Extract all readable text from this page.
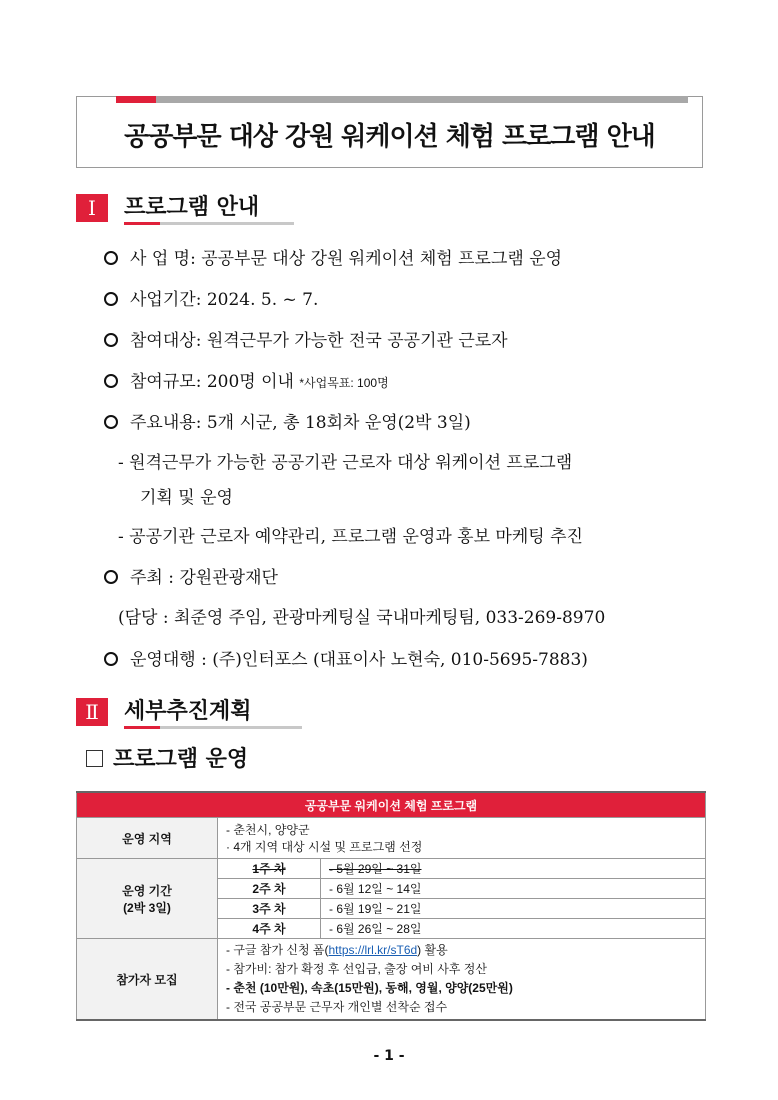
공공부문 대상 강원 워케이션 체험 프로그램 안내
Ⅰ	프로그램 안내
사 업 명: 공공부문 대상 강원 워케이션 체험 프로그램 운영
사업기간: 2024. 5. ~ 7.
참여대상: 원격근무가 가능한 전국 공공기관 근로자
참여규모: 200명 이내 *사업목표: 100명
주요내용: 5개 시군, 총 18회차 운영(2박 3일)
- 원격근무가 가능한 공공기관 근로자 대상 워케이션 프로그램
기획 및 운영
- 공공기관 근로자 예약관리, 프로그램 운영과 홍보 마케팅 추진
주최 : 강원관광재단
(담당 : 최준영 주임, 관광마케팅실 국내마케팅팀, 033-269-8970
운영대행 : (주)인터포스 (대표이사 노현숙, 010-5695-7883)
Ⅱ	세부추진계획
프로그램 운영
공공부문 워케이션 체험 프로그램		
운영 지역	- 춘천시, 양양군
· 4개 지역 대상 시설 및 프로그램 선정	

운영 기간
(2박 3일)	1주 차	- 5월 29일 ~ 31일
	2주 차	- 6월 12일 ~ 14일
	3주 차	- 6월 19일 ~ 21일
	4주 차	- 6월 26일 ~ 28일
참가자 모집	- 구글 참가 신청 폼(https://lrl.kr/sT6d) 활용
- 참가비: 참가 확정 후 선입금, 출장 여비 사후 정산
- 춘천 (10만원), 속초(15만원), 동해, 영월, 양양(25만원)
- 전국 공공부문 근무자 개인별 선착순 접수	
- 1 -
